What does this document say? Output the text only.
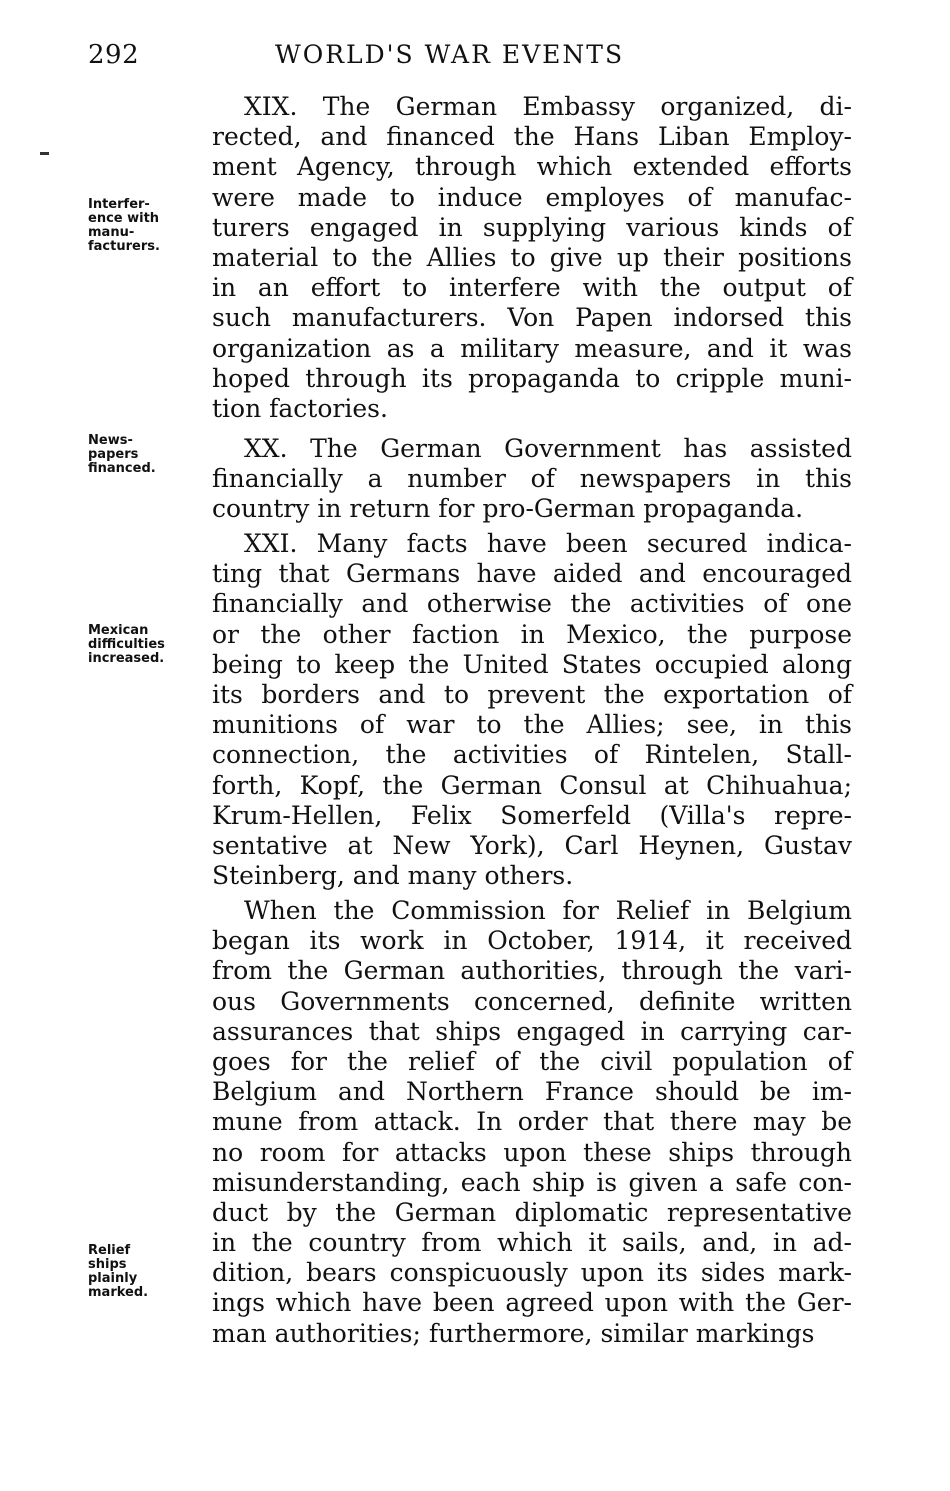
292	WORLD'S WAR EVENTS
Interfer-
ence with
manu-
facturers.
News-
papers
financed.
Mexican
difficulties
increased.
Relief
ships
plainly
marked.
XIX. The German Embassy organized, di-
rected, and financed the Hans Liban Employ-
ment Agency, through which extended efforts
were made to induce employes of manufac-
turers engaged in supplying various kinds of
material to the Allies to give up their positions
in an effort to interfere with the output of
such manufacturers. Von Papen indorsed this
organization as a military measure, and it was
hoped through its propaganda to cripple muni-
tion factories.
XX. The German Government has assisted
financially a number of newspapers in this
country in return for pro-German propaganda.
XXI. Many facts have been secured indica-
ting that Germans have aided and encouraged
financially and otherwise the activities of one
or the other faction in Mexico, the purpose
being to keep the United States occupied along
its borders and to prevent the exportation of
munitions of war to the Allies; see, in this
connection, the activities of Rintelen, Stall-
forth, Kopf, the German Consul at Chihuahua;
Krum-Hellen, Felix Somerfeld (Villa's repre-
sentative at New York), Carl Heynen, Gustav
Steinberg, and many others.
When the Commission for Relief in Belgium
began its work in October, 1914, it received
from the German authorities, through the vari-
ous Governments concerned, definite written
assurances that ships engaged in carrying car-
goes for the relief of the civil population of
Belgium and Northern France should be im-
mune from attack. In order that there may be
no room for attacks upon these ships through
misunderstanding, each ship is given a safe con-
duct by the German diplomatic representative
in the country from which it sails, and, in ad-
dition, bears conspicuously upon its sides mark-
ings which have been agreed upon with the Ger-
man authorities; furthermore, similar markings
